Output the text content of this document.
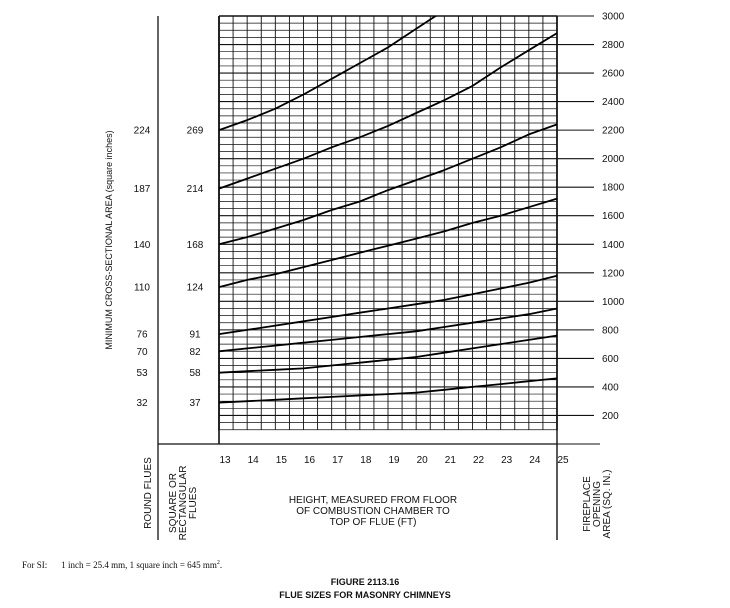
200
400
600
800
1000
1200
1400
1600
1800
2000
2200
2400
2600
2800
3000
224	269
187	214
140	168
110	124
76	91
70	82
53	58
32	37
13 14 15 16 17 18 19 20 21 22 23 24 25
HEIGHT, MEASURED FROM FLOOR
OF COMBUSTION CHAMBER TO
TOP OF FLUE (FT)
MINIMUM CROSS-SECTIONAL AREA (square inches)
ROUND FLUES SQUARE OR RECTANGULAR FLUES	FIREPLACE OPENING AREA (SQ. IN.)
For SI: 1 inch = 25.4 mm, 1 square inch = 645 $mm^2$.
FIGURE 2113.16
FLUE SIZES FOR MASONRY CHIMNEYS
